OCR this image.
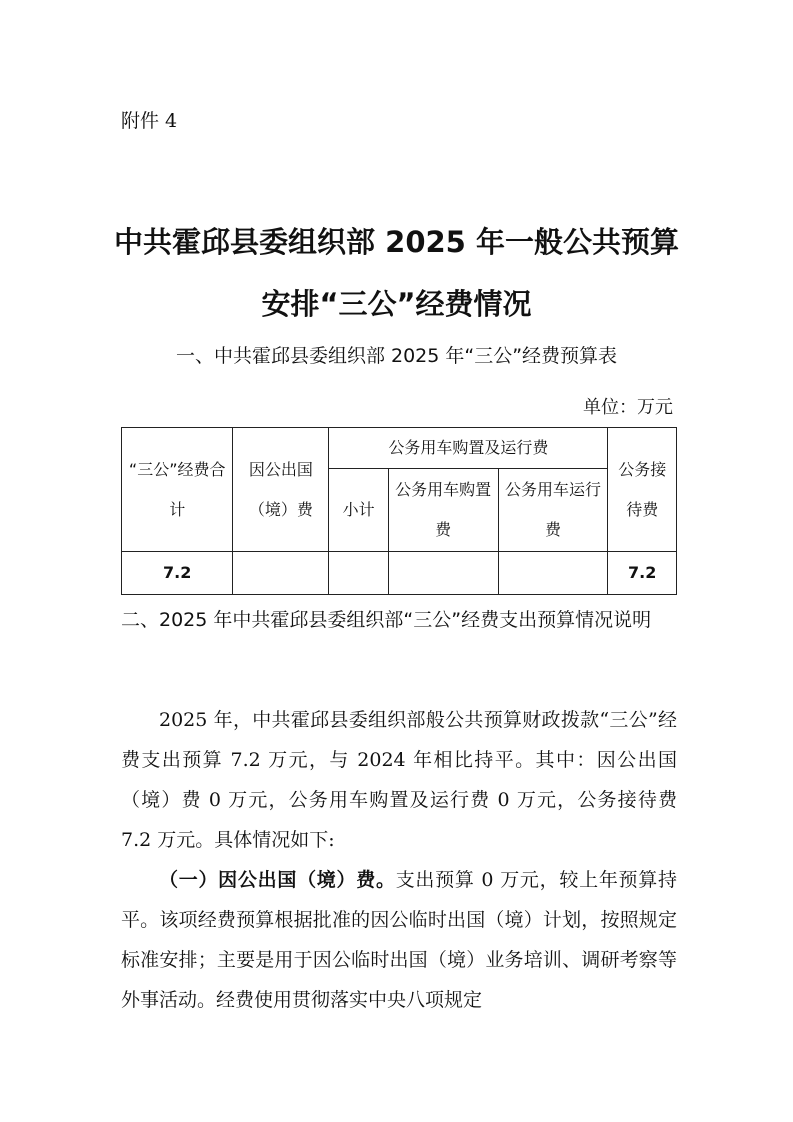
附件 4
中共霍邱县委组织部 2025 年一般公共预算
安排“三公”经费情况
一、中共霍邱县委组织部 2025 年“三公”经费预算表
单位：万元
“三公”经费合计	因公出国（境）费	公务用车购置及运行费			公务接待费
		小计	公务用车购置费	公务用车运行费	
7.2					7.2
二、2025 年中共霍邱县委组织部“三公”经费支出预算情况说明
2025 年，中共霍邱县委组织部般公共预算财政拨款“三公”经费支出预算 7.2 万元，与 2024 年相比持平。其中：因公出国（境）费 0 万元，公务用车购置及运行费 0 万元，公务接待费 7.2 万元。具体情况如下:
（一）因公出国（境）费。支出预算 0 万元，较上年预算持平。该项经费预算根据批准的因公临时出国（境）计划，按照规定标准安排；主要是用于因公临时出国（境）业务培训、调研考察等外事活动。经费使用贯彻落实中央八项规定
